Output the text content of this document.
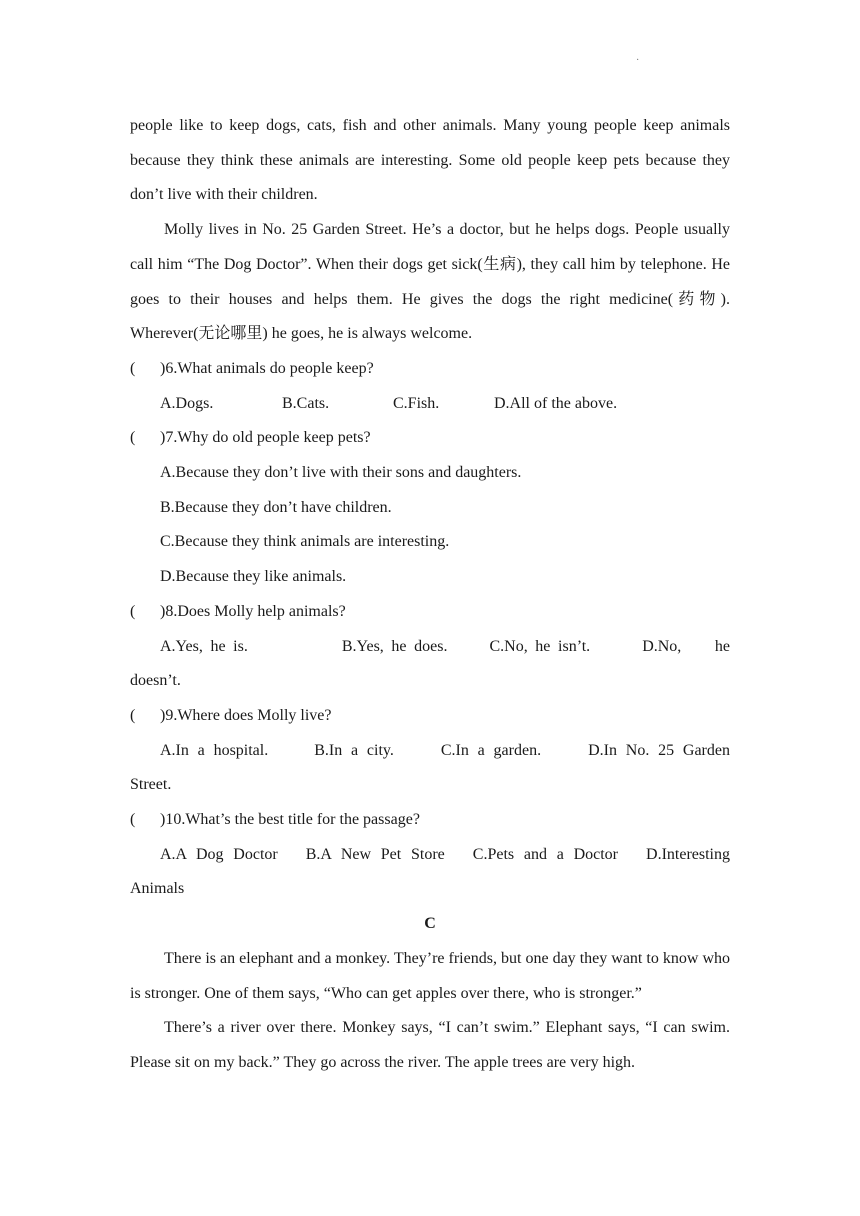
·

people like to keep dogs, cats, fish and other animals. Many young people keep animals because they think these animals are interesting. Some old people keep pets because they don’t live with their children.

Molly lives in No. 25 Garden Street. He’s a doctor, but he helps dogs. People usually call him “The Dog Doctor”. When their dogs get sick(生病), they call him by telephone. He goes to their houses and helps them. He gives the dogs the right medicine(药物). Wherever(无论哪里) he goes, he is always welcome.

( )6.What animals do people keep?

A.Dogs.	B.Cats.	C.Fish.	D.All of the above.

( )7.Why do old people keep pets?

A.Because they don’t live with their sons and daughters.

B.Because they don’t have children.

C.Because they think animals are interesting.

D.Because they like animals.

( )8.Does Molly help animals?

A.Yes, he is.	B.Yes, he does.	C.No, he isn’t.	D.No, he doesn’t.

( )9.Where does Molly live?

A.In a hospital.	B.In a city.	C.In a garden.	D.In No. 25 Garden Street.

( )10.What’s the best title for the passage?

A.A Dog Doctor B.A New Pet Store C.Pets and a Doctor D.Interesting Animals

C

There is an elephant and a monkey. They’re friends, but one day they want to know who is stronger. One of them says, “Who can get apples over there, who is stronger.”

There’s a river over there. Monkey says, “I can’t swim.” Elephant says, “I can swim. Please sit on my back.” They go across the river. The apple trees are very high.
